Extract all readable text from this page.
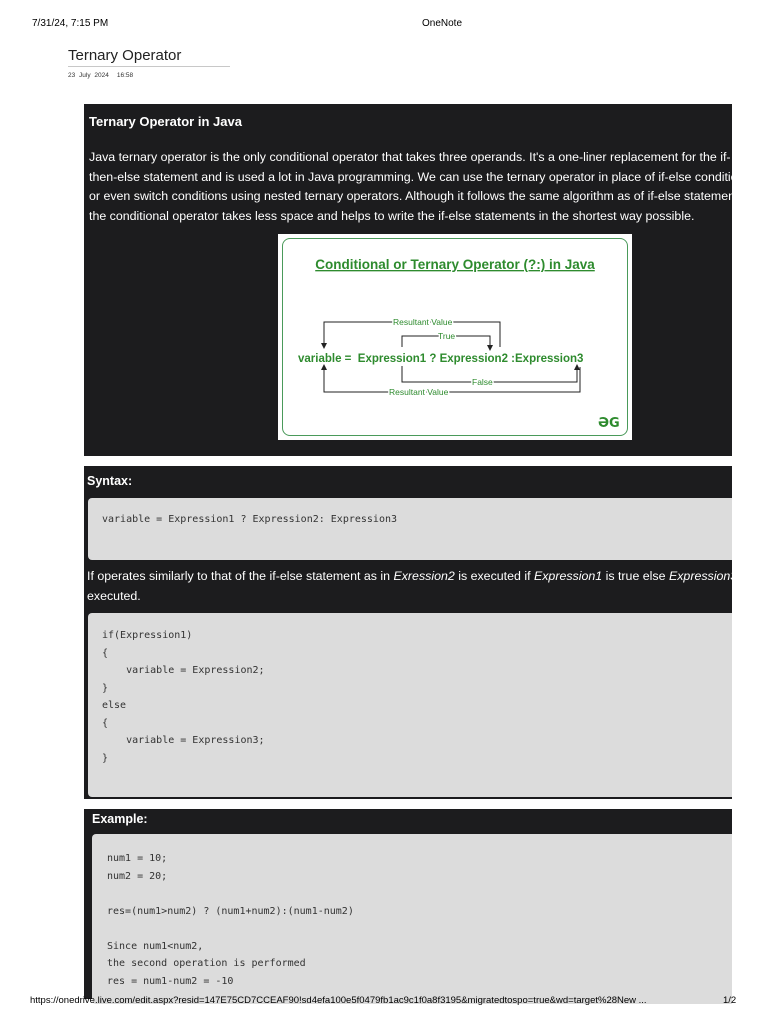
7/31/24, 7:15 PM	OneNote
Ternary Operator
23 July 2024 16:58
Ternary Operator in Java
Java ternary operator is the only conditional operator that takes three operands. It's a one-liner replacement for the if-
then-else statement and is used a lot in Java programming. We can use the ternary operator in place of if-else conditions
or even switch conditions using nested ternary operators. Although it follows the same algorithm as of if-else statement,
the conditional operator takes less space and helps to write the if-else statements in the shortest way possible.
Conditional or Ternary Operator (?:) in Java
Resultant Value
True
variable =  Expression1 ? Expression2 :Expression3
False
Resultant Value
ƏG
Syntax:

variable = Expression1 ? Expression2: Expression3

If operates similarly to that of the if-else statement as in Exression2 is executed if Expression1 is true else Expression3 is
executed.

if(Expression1)

{

variable = Expression2;

}

else

{

variable = Expression3;

}

Example:

num1 = 10;

num2 = 20;

res=(num1>num2) ? (num1+num2):(num1-num2)

Since num1<num2,

the second operation is performed

res = num1-num2 = -10

https://onedrive.live.com/edit.aspx?resid=147E75CD7CCEAF90!sd4efa100e5f0479fb1ac9c1f0a8f3195&migratedtospo=true&wd=target%28New ...	1/2
